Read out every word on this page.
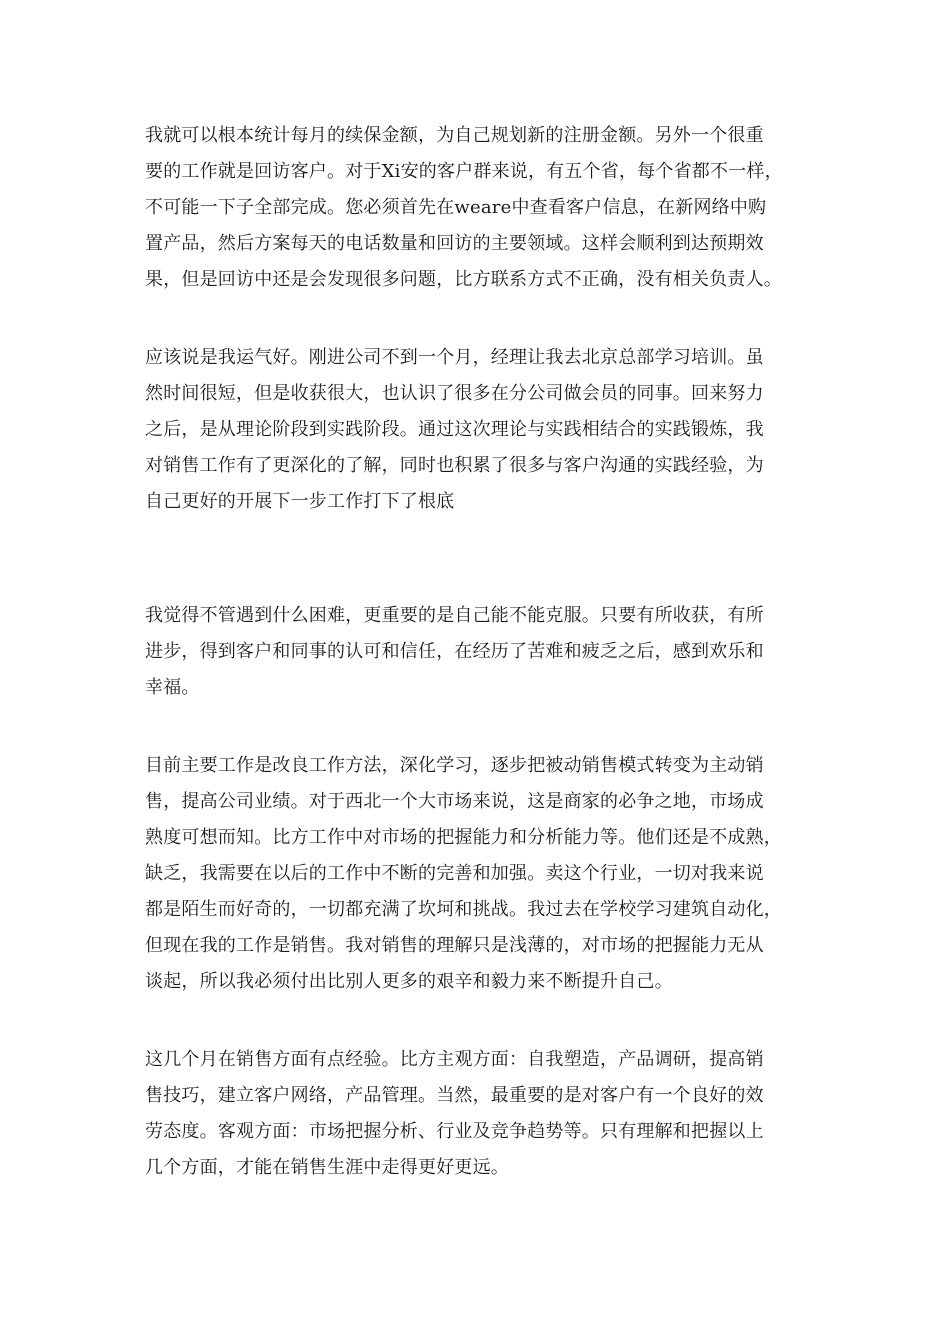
我就可以根本统计每月的续保金额，为自己规划新的注册金额。另外一个很重
要的工作就是回访客户。对于Xi安的客户群来说，有五个省，每个省都不一样，
不可能一下子全部完成。您必须首先在weare中查看客户信息，在新网络中购
置产品，然后方案每天的电话数量和回访的主要领域。这样会顺利到达预期效
果，但是回访中还是会发现很多问题，比方联系方式不正确，没有相关负责人。

应该说是我运气好。刚进公司不到一个月，经理让我去北京总部学习培训。虽
然时间很短，但是收获很大，也认识了很多在分公司做会员的同事。回来努力
之后，是从理论阶段到实践阶段。通过这次理论与实践相结合的实践锻炼，我
对销售工作有了更深化的了解，同时也积累了很多与客户沟通的实践经验，为
自己更好的开展下一步工作打下了根底

我觉得不管遇到什么困难，更重要的是自己能不能克服。只要有所收获，有所
进步，得到客户和同事的认可和信任，在经历了苦难和疲乏之后，感到欢乐和
幸福。

目前主要工作是改良工作方法，深化学习，逐步把被动销售模式转变为主动销
售，提高公司业绩。对于西北一个大市场来说，这是商家的必争之地，市场成
熟度可想而知。比方工作中对市场的把握能力和分析能力等。他们还是不成熟，
缺乏，我需要在以后的工作中不断的完善和加强。卖这个行业，一切对我来说
都是陌生而好奇的，一切都充满了坎坷和挑战。我过去在学校学习建筑自动化，
但现在我的工作是销售。我对销售的理解只是浅薄的，对市场的把握能力无从
谈起，所以我必须付出比别人更多的艰辛和毅力来不断提升自己。

这几个月在销售方面有点经验。比方主观方面：自我塑造，产品调研，提高销
售技巧，建立客户网络，产品管理。当然，最重要的是对客户有一个良好的效
劳态度。客观方面：市场把握分析、行业及竞争趋势等。只有理解和把握以上
几个方面，才能在销售生涯中走得更好更远。
